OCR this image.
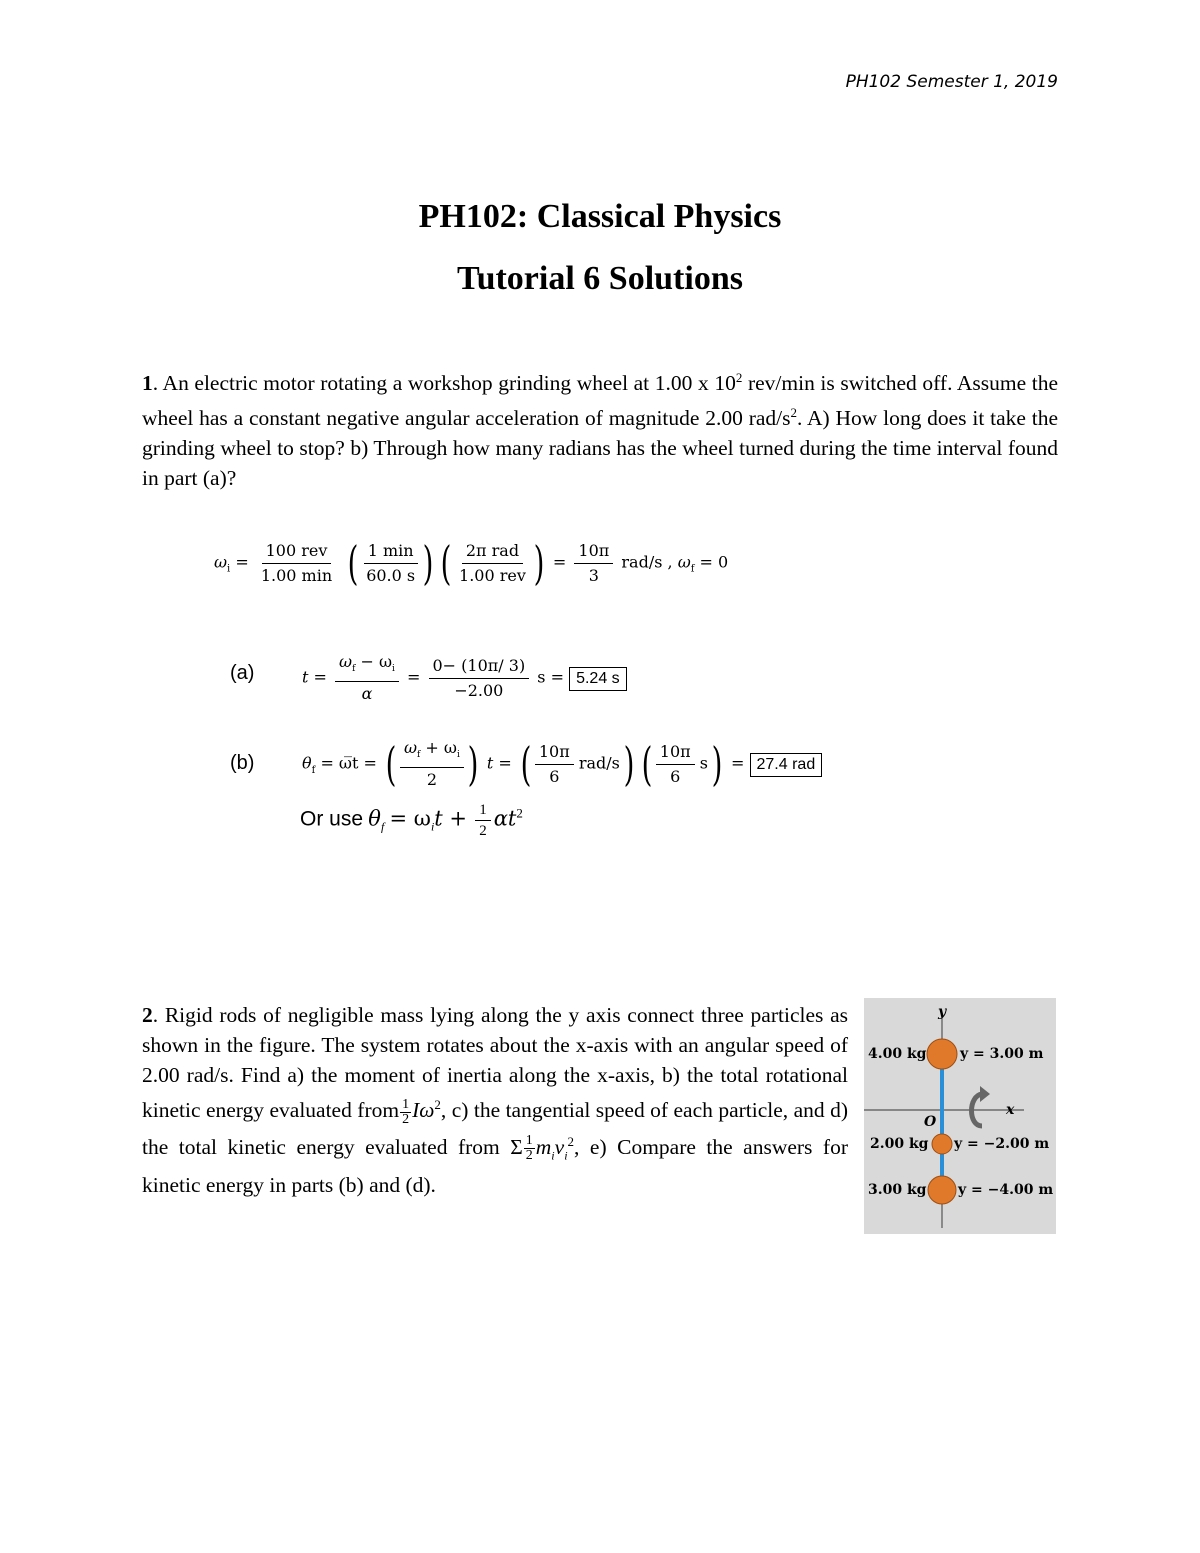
PH102 Semester 1, 2019
PH102: Classical Physics
Tutorial 6 Solutions
1. An electric motor rotating a workshop grinding wheel at 1.00 x $10^2$ rev/min is switched off. Assume the wheel has a constant negative angular acceleration of magnitude 2.00 rad/$s^2$. A) How long does it take the grinding wheel to stop? b) Through how many radians has the wheel turned during the time interval found in part (a)?
$\omega_i = \frac{\text{100 rev}}{1.00 \min}$ ( $\frac{1 \min}{60.0 s}$ ) ( $\frac{\text{2π rad}}{\text{1.00 rev}}$ ) = $\frac{10\pi}{3} rad/s$ , $\omega_f = 0$
(a)	$t = \frac{\omega_f - \omega_i}{\alpha} = \frac{0- (10\pi/ 3)}{-2.00}$ s = 5.24 s
(b)	$\theta_f$ = ω̅t = ( $\frac{\omega_f + \omega_i}{2}$ ) t = ( $\frac{10\pi}{6} rad/s$) ( $\frac{10\pi}{6} s) = 27.4$ rad
Or use $\theta_f = \omega_it + \frac{1}{2} \alpha t^2$
2. Rigid rods of negligible mass lying along the y axis connect three particles as shown in the figure. The system rotates about the x-axis with an angular speed of 2.00 rad/s. Find a) the moment of inertia along the x-axis, b) the total rotational kinetic energy evaluated from $\frac{1}{2} I\omega^2$, c) the tangential speed of each particle, and d) the total kinetic energy evaluated from Σ $\frac{1}{2} m_iv_i^2$, e) Compare the answers for kinetic energy in parts (b) and (d).
y
x
O
4.00 kg y = 3.00 m
2.00 kg y = −2.00 m
3.00 kg y = −4.00 m
